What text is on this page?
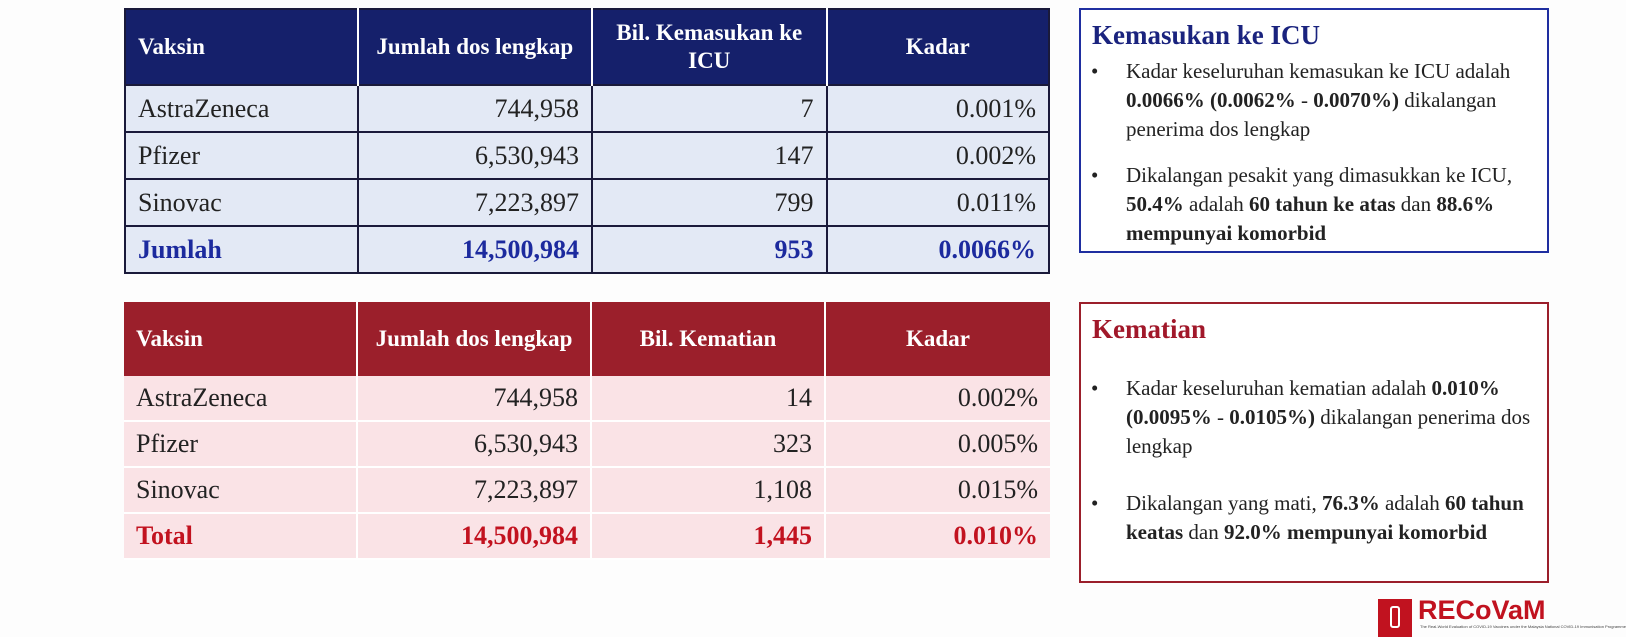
Vaksin	Jumlah dos lengkap	Bil. Kemasukan ke ICU	Kadar
AstraZeneca	744,958	7	0.001%
Pfizer	6,530,943	147	0.002%
Sinovac	7,223,897	799	0.011%
Jumlah	14,500,984	953	0.0066%
Vaksin	Jumlah dos lengkap	Bil. Kematian	Kadar
AstraZeneca	744,958	14	0.002%
Pfizer	6,530,943	323	0.005%
Sinovac	7,223,897	1,108	0.015%
Total	14,500,984	1,445	0.010%
Kemasukan ke ICU
• Kadar keseluruhan kemasukan ke ICU adalah 0.0066% (0.0062% - 0.0070%) dikalangan penerima dos lengkap
• Dikalangan pesakit yang dimasukkan ke ICU, 50.4% adalah 60 tahun ke atas dan 88.6% mempunyai komorbid
Kematian
• Kadar keseluruhan kematian adalah 0.010% (0.0095% - 0.0105%) dikalangan penerima dos lengkap
• Dikalangan yang mati, 76.3% adalah 60 tahun keatas dan 92.0% mempunyai komorbid
RECoVaM
The Real-World Evaluation of COVID-19 Vaccines under the Malaysia National COVID-19 Immunisation Programme
